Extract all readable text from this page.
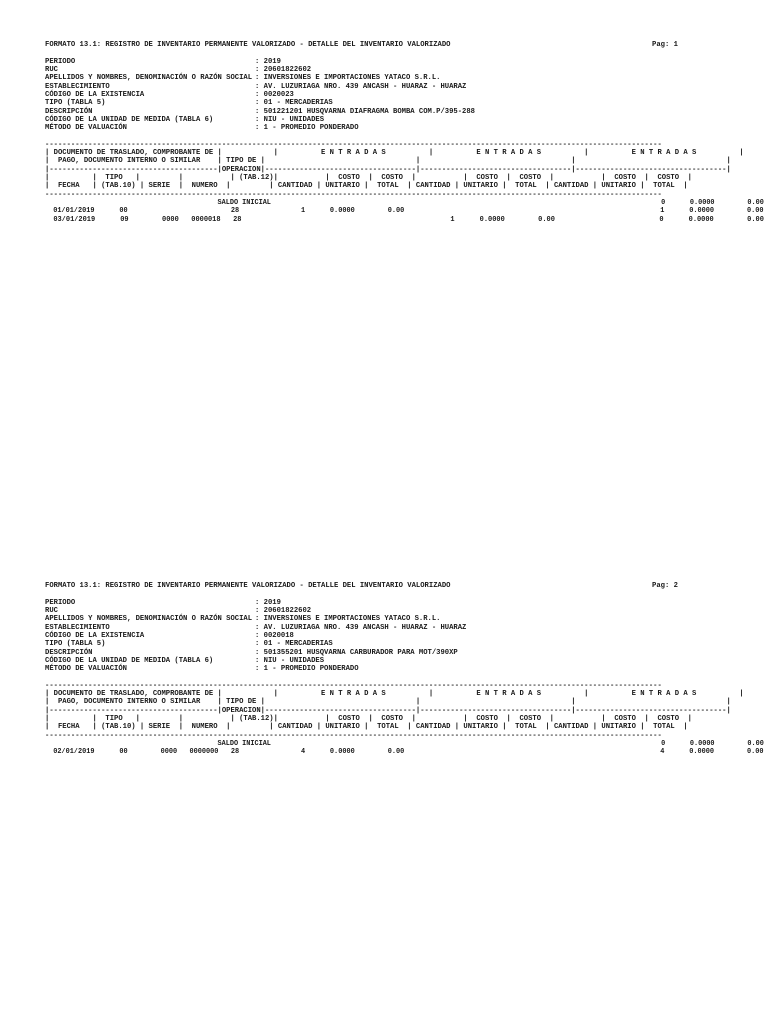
FORMATO 13.1: REGISTRO DE INVENTARIO PERMANENTE VALORIZADO - DETALLE DEL INVENTARIO VALORIZADO	Pag: 1
PERIODO	: 2019
RUC	: 20601822602
APELLIDOS Y NOMBRES, DENOMINACIÓN O RAZÓN SOCIAL : INVERSIONES E IMPORTACIONES YATACO S.R.L.
ESTABLECIMIENTO	: AV. LUZURIAGA NRO. 439 ANCASH - HUARAZ - HUARAZ
CÓDIGO DE LA EXISTENCIA	: 0020023
TIPO (TABLA 5)	: 01 - MERCADERIAS
DESCRIPCIÓN	: 501221201 HUSQVARNA DIAFRAGMA BOMBA COM.P/395-288
CÓDIGO DE LA UNIDAD DE MEDIDA (TABLA 6)	: NIU - UNIDADES
MÉTODO DE VALUACIÓN	: 1 - PROMEDIO PONDERADO
-----------------------------------------------------------------------------------------------------------------------------------------------
| DOCUMENTO DE TRASLADO, COMPROBANTE DE |            |          E N T R A D A S          |          E N T R A D A S          |          E N T R A D A S          |
|  PAGO, DOCUMENTO INTERNO O SIMILAR    | TIPO DE |                                   |                                   |                                   |
|---------------------------------------|OPERACION|-----------------------------------|-----------------------------------|-----------------------------------|
|          |  TIPO   |         |           | (TAB.12)|           |  COSTO  |  COSTO  |           |  COSTO  |  COSTO  |           |  COSTO  |  COSTO  |
|  FECHA   | (TAB.10) | SERIE  |  NUMERO  |         | CANTIDAD | UNITARIO |  TOTAL  | CANTIDAD | UNITARIO |  TOTAL  | CANTIDAD | UNITARIO |  TOTAL  |
-----------------------------------------------------------------------------------------------------------------------------------------------
SALDO INICIAL                                                                                               0      0.0000        0.00
01/01/2019      00                         28               1      0.0000        0.00                                                              1      0.0000        0.00
03/01/2019      09        0000   0000018   28                                                  1      0.0000        0.00                         0      0.0000        0.00
FORMATO 13.1: REGISTRO DE INVENTARIO PERMANENTE VALORIZADO - DETALLE DEL INVENTARIO VALORIZADO	Pag: 2
PERIODO	: 2019
RUC	: 20601822602
APELLIDOS Y NOMBRES, DENOMINACIÓN O RAZÓN SOCIAL : INVERSIONES E IMPORTACIONES YATACO S.R.L.
ESTABLECIMIENTO	: AV. LUZURIAGA NRO. 439 ANCASH - HUARAZ - HUARAZ
CÓDIGO DE LA EXISTENCIA	: 0020018
TIPO (TABLA 5)	: 01 - MERCADERIAS
DESCRIPCIÓN	: 501355201 HUSQVARNA CARBURADOR PARA MOT/390XP
CÓDIGO DE LA UNIDAD DE MEDIDA (TABLA 6)	: NIU - UNIDADES
MÉTODO DE VALUACIÓN	: 1 - PROMEDIO PONDERADO
-----------------------------------------------------------------------------------------------------------------------------------------------
| DOCUMENTO DE TRASLADO, COMPROBANTE DE |            |          E N T R A D A S          |          E N T R A D A S          |          E N T R A D A S          |
|  PAGO, DOCUMENTO INTERNO O SIMILAR    | TIPO DE |                                   |                                   |                                   |
|---------------------------------------|OPERACION|-----------------------------------|-----------------------------------|-----------------------------------|
|          |  TIPO   |         |           | (TAB.12)|           |  COSTO  |  COSTO  |           |  COSTO  |  COSTO  |           |  COSTO  |  COSTO  |
|  FECHA   | (TAB.10) | SERIE  |  NUMERO  |         | CANTIDAD | UNITARIO |  TOTAL  | CANTIDAD | UNITARIO |  TOTAL  | CANTIDAD | UNITARIO |  TOTAL  |
-----------------------------------------------------------------------------------------------------------------------------------------------
SALDO INICIAL                                                                                               0      0.0000        0.00
02/01/2019      00        0000   0000000   28               4      0.0000        0.00                                                              4      0.0000        0.00
